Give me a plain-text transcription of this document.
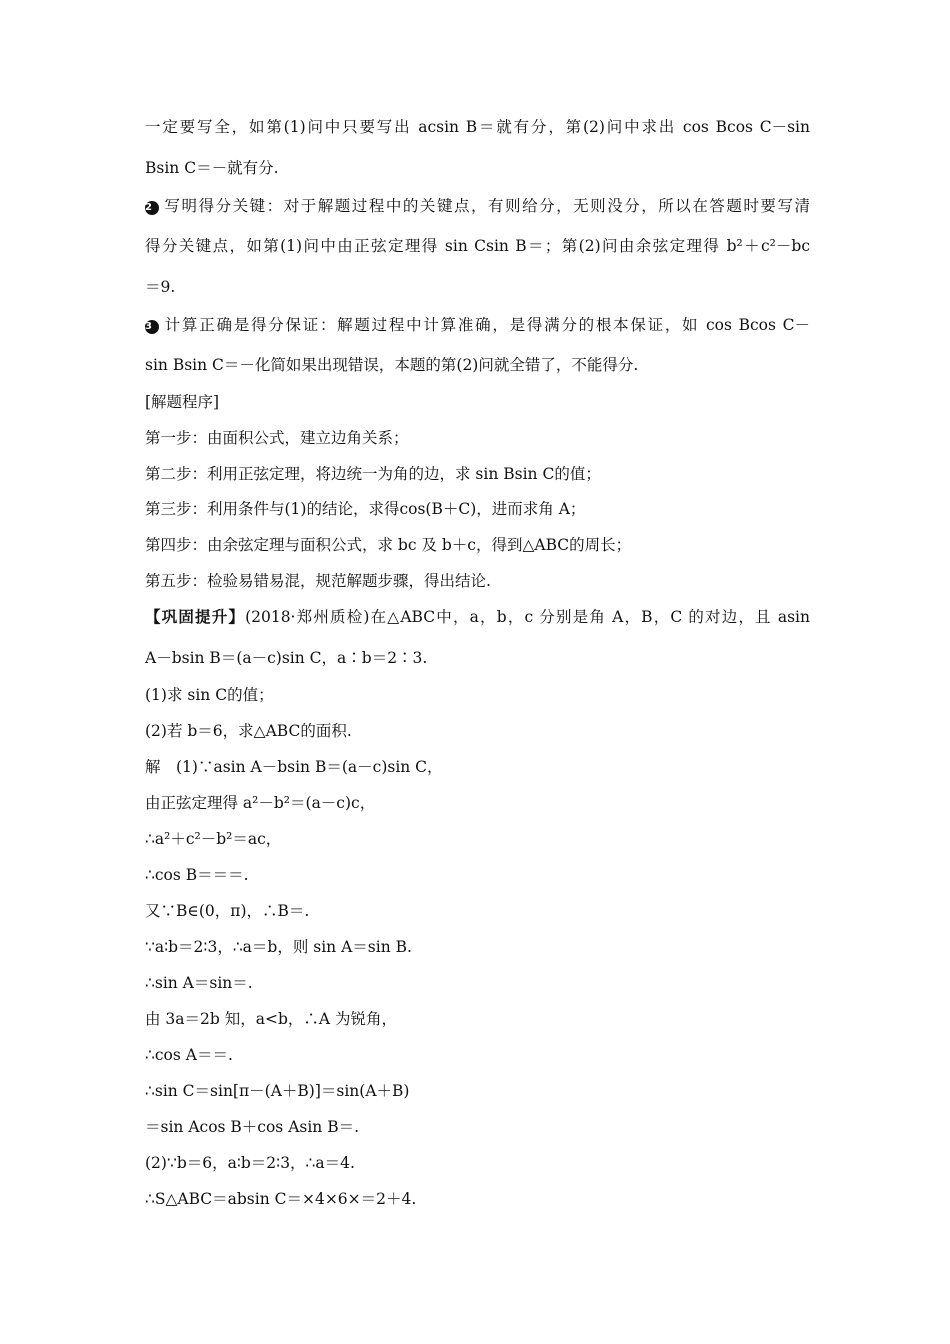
一定要写全，如第(1)问中只要写出 acsin B＝就有分，第(2)问中求出 cos Bcos C－sin
Bsin C＝－就有分.
2 写明得分关键：对于解题过程中的关键点，有则给分，无则没分，所以在答题时要写清
得分关键点，如第(1)问中由正弦定理得 sin Csin B＝；第(2)问由余弦定理得 b²＋c²－bc
＝9.
3 计算正确是得分保证：解题过程中计算准确，是得满分的根本保证，如 cos Bcos C－
sin Bsin C＝－化简如果出现错误，本题的第(2)问就全错了，不能得分.
[解题程序]
第一步：由面积公式，建立边角关系；
第二步：利用正弦定理，将边统一为角的边，求 sin Bsin C的值；
第三步：利用条件与(1)的结论，求得cos(B＋C)，进而求角 A；
第四步：由余弦定理与面积公式，求 bc 及 b＋c，得到△ABC的周长；
第五步：检验易错易混，规范解题步骤，得出结论.
【巩固提升】(2018·郑州质检)在△ABC中，a，b，c 分别是角 A，B，C 的对边，且 asin
A－bsin B＝(a－c)sin C，a∶b＝2∶3.
(1)求 sin C的值；
(2)若 b＝6，求△ABC的面积.
解　(1)∵asin A－bsin B＝(a－c)sin C，
由正弦定理得 a²－b²＝(a－c)c，
∴a²＋c²－b²＝ac，
∴cos B＝＝＝.
又∵B∈(0，π)，∴B＝.
∵a∶b＝2∶3，∴a＝b，则 sin A＝sin B.
∴sin A＝sin＝.
由 3a＝2b 知，a<b，∴A 为锐角，
∴cos A＝＝.
∴sin C＝sin[π－(A＋B)]＝sin(A＋B)
＝sin Acos B＋cos Asin B＝.
(2)∵b＝6，a∶b＝2∶3，∴a＝4.
∴S△ABC＝absin C＝×4×6×＝2＋4.
